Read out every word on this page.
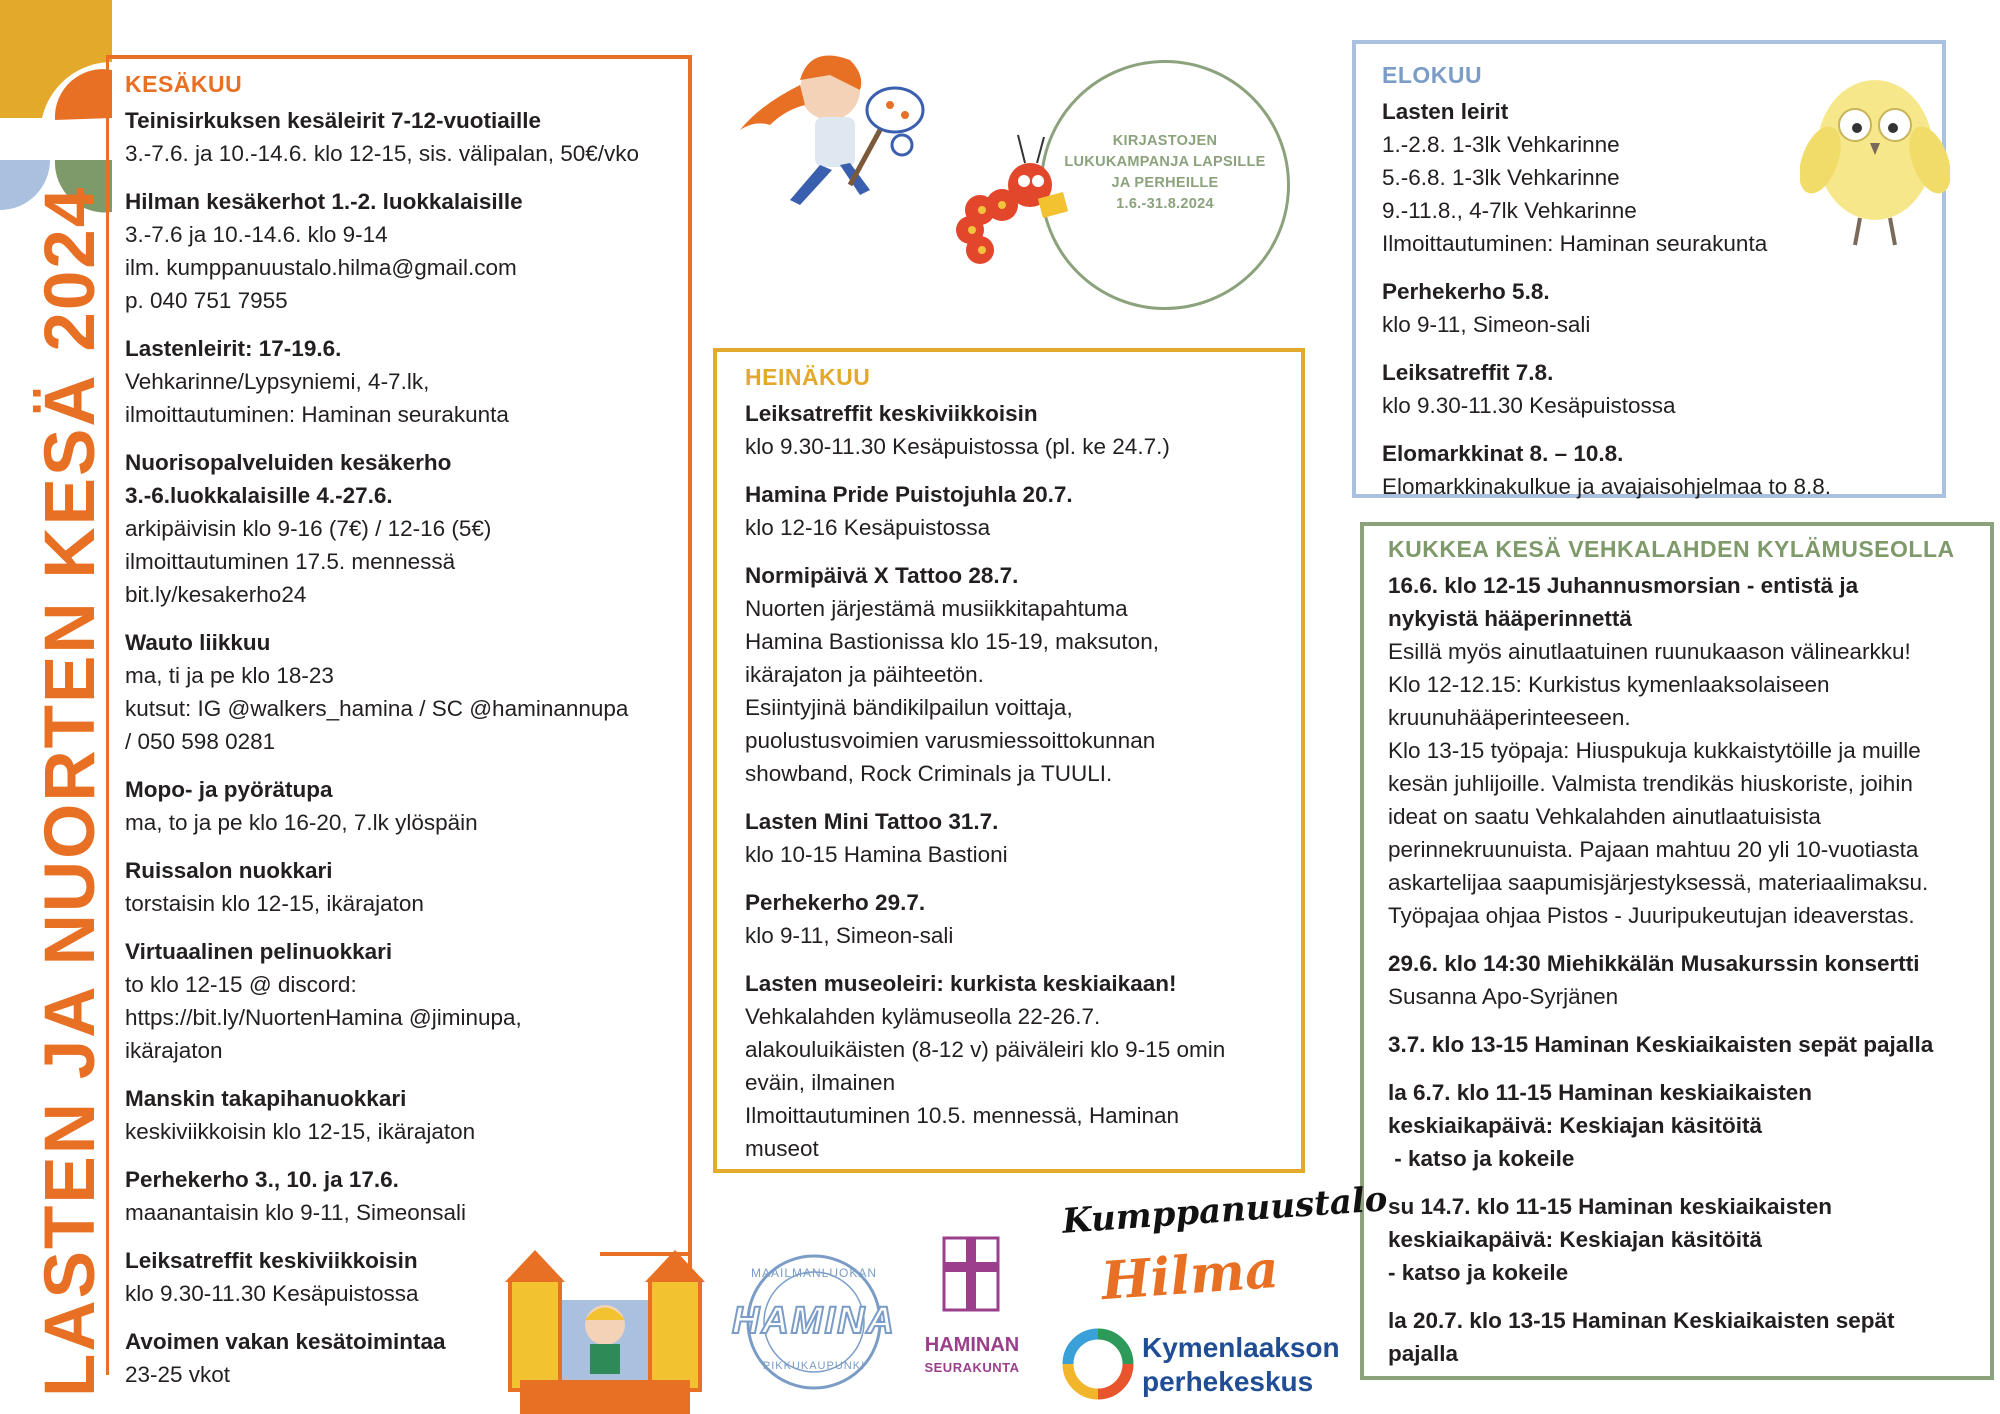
LASTEN JA NUORTEN KESÄ 2024
KESÄKUU
Teinisirkuksen kesäleirit 7-12-vuotiaille
3.-7.6. ja 10.-14.6. klo 12-15, sis. välipalan, 50€/vko
Hilman kesäkerhot 1.-2. luokkalaisille
3.-7.6 ja 10.-14.6. klo 9-14
ilm. kumppanuustalo.hilma@gmail.com
p. 040 751 7955
Lastenleirit: 17-19.6.
Vehkarinne/Lypsyniemi, 4-7.lk,
ilmoittautuminen: Haminan seurakunta
Nuorisopalveluiden kesäkerho
3.-6.luokkalaisille 4.-27.6.
arkipäivisin klo 9-16 (7€) / 12-16 (5€)
ilmoittautuminen 17.5. mennessä
bit.ly/kesakerho24
Wauto liikkuu
ma, ti ja pe klo 18-23
kutsut: IG @walkers_hamina / SC @haminannupa
/ 050 598 0281
Mopo- ja pyörätupa
ma, to ja pe klo 16-20, 7.lk ylöspäin
Ruissalon nuokkari
torstaisin klo 12-15, ikärajaton
Virtuaalinen pelinuokkari
to klo 12-15 @ discord:
https://bit.ly/NuortenHamina @jiminupa,
ikärajaton
Manskin takapihanuokkari
keskiviikkoisin klo 12-15, ikärajaton
Perhekerho 3., 10. ja 17.6.
maanantaisin klo 9-11, Simeonsali
Leiksatreffit keskiviikkoisin
klo 9.30-11.30 Kesäpuistossa
Avoimen vakan kesätoimintaa
23-25 vkot
KIRJASTOJEN
LUKUKAMPANJA LAPSILLE
JA PERHEILLE
1.6.-31.8.2024
HEINÄKUU
Leiksatreffit keskiviikkoisin
klo 9.30-11.30 Kesäpuistossa (pl. ke 24.7.)
Hamina Pride Puistojuhla 20.7.
klo 12-16 Kesäpuistossa
Normipäivä X Tattoo 28.7.
Nuorten järjestämä musiikkitapahtuma
Hamina Bastionissa klo 15-19, maksuton,
ikärajaton ja päihteetön.
Esiintyjinä bändikilpailun voittaja,
puolustusvoimien varusmiessoittokunnan
showband, Rock Criminals ja TUULI.
Lasten Mini Tattoo 31.7.
klo 10-15 Hamina Bastioni
Perhekerho 29.7.
klo 9-11, Simeon-sali
Lasten museoleiri: kurkista keskiaikaan!
Vehkalahden kylämuseolla 22-26.7.
alakouluikäisten (8-12 v) päiväleiri klo 9-15 omin
eväin, ilmainen
Ilmoittautuminen 10.5. mennessä, Haminan
museot
ELOKUU
Lasten leirit
1.-2.8. 1-3lk Vehkarinne
5.-6.8. 1-3lk Vehkarinne
9.-11.8., 4-7lk Vehkarinne
Ilmoittautuminen: Haminan seurakunta
Perhekerho 5.8.
klo 9-11, Simeon-sali
Leiksatreffit 7.8.
klo 9.30-11.30 Kesäpuistossa
Elomarkkinat 8. – 10.8.
Elomarkkinakulkue ja avajaisohjelmaa to 8.8.
KUKKEA KESÄ VEHKALAHDEN KYLÄMUSEOLLA
16.6. klo 12-15 Juhannusmorsian - entistä ja
nykyistä hääperinnettä
Esillä myös ainutlaatuinen ruunukaason välinearkku!
Klo 12-12.15: Kurkistus kymenlaaksolaiseen
kruunuhääperinteeseen.
Klo 13-15 työpaja: Hiuspukuja kukkaistytöille ja muille
kesän juhlijoille. Valmista trendikäs hiuskoriste, joihin
ideat on saatu Vehkalahden ainutlaatuisista
perinnekruunuista. Pajaan mahtuu 20 yli 10-vuotiasta
askartelijaa saapumisjärjestyksessä, materiaalimaksu.
Työpajaa ohjaa Pistos - Juuripukeutujan ideaverstas.
29.6. klo 14:30 Miehikkälän Musakurssin konsertti
Susanna Apo-Syrjänen
3.7. klo 13-15 Haminan Keskiaikaisten sepät pajalla
la 6.7. klo 11-15 Haminan keskiaikaisten
keskiaikapäivä: Keskiajan käsitöitä
- katso ja kokeile
su 14.7. klo 11-15 Haminan keskiaikaisten
keskiaikapäivä: Keskiajan käsitöitä
- katso ja kokeile
la 20.7. klo 13-15 Haminan Keskiaikaisten sepät
pajalla
MAAILMANLUOKAN
HAMINA
PIKKUKAUPUNKI
HAMINAN
SEURAKUNTA
Kumppanuustalo
Hilma
Kymenlaakson
perhekeskus
